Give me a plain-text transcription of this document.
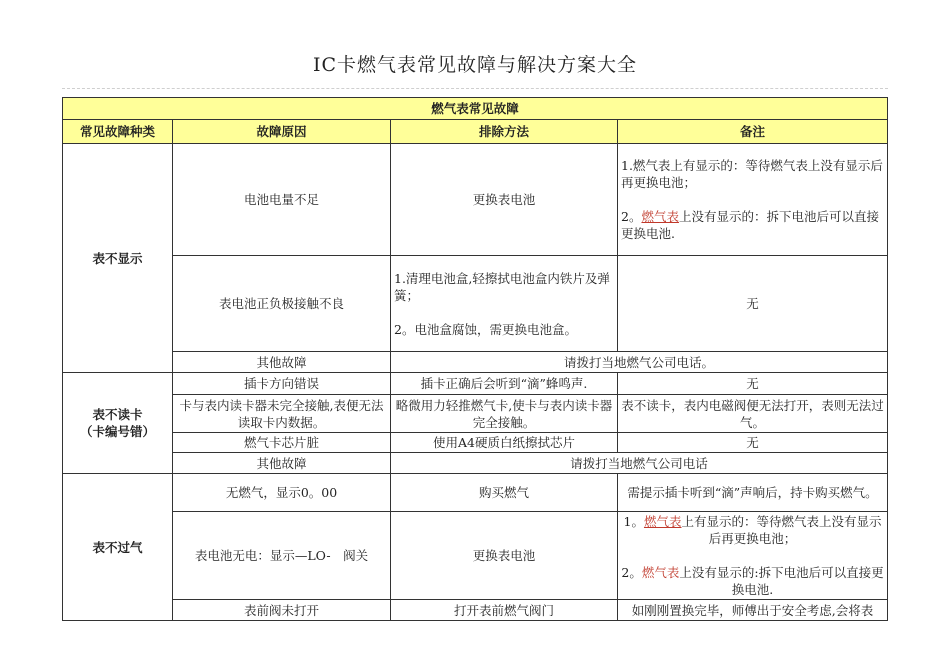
IC卡燃气表常见故障与解决方案大全
燃气表常见故障			
常见故障种类	故障原因	排除方法	备注
表不显示	电池电量不足	更换表电池	1.燃气表上有显示的：等待燃气表上没有显示后再更换电池；
2。燃气表上没有显示的：拆下电池后可以直接更换电池.
	表电池正负极接触不良	1.清理电池盒,轻擦拭电池盒内铁片及弹簧；
2。电池盒腐蚀，需更换电池盒。	无
	其他故障	请拨打当地燃气公司电话。	
表不读卡
（卡编号错）	插卡方向错误	插卡正确后会听到“滴”蜂鸣声.	无
	卡与表内读卡器未完全接触,表便无法读取卡内数据。	略微用力轻推燃气卡,使卡与表内读卡器完全接触。	表不读卡，表内电磁阀便无法打开，表则无法过气。
	燃气卡芯片脏	使用A4硬质白纸擦拭芯片	无
	其他故障	请拨打当地燃气公司电话	
表不过气	无燃气，显示0。00	购买燃气	需提示插卡听到“滴”声响后，持卡购买燃气。
	表电池无电：显示—LO-　阀关	更换表电池	1。燃气表上有显示的：等待燃气表上没有显示后再更换电池；
2。燃气表上没有显示的:拆下电池后可以直接更换电池.
	表前阀未打开	打开表前燃气阀门	如刚刚置换完毕，师傅出于安全考虑,会将表
